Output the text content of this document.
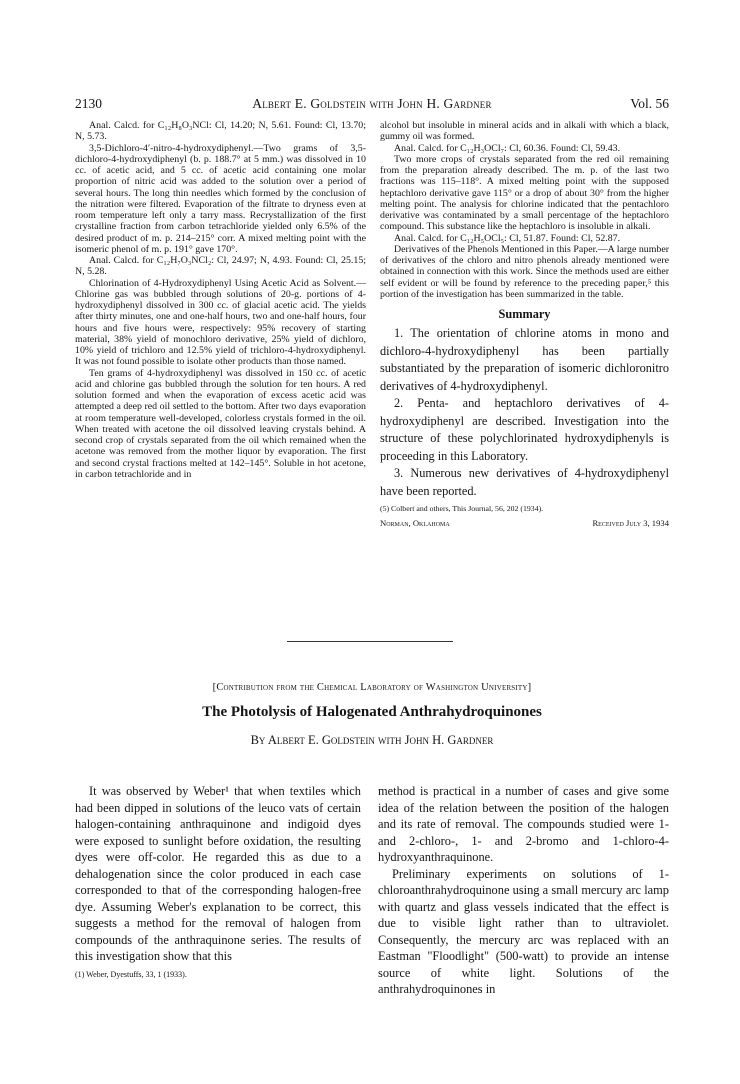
2130	Albert E. Goldstein with John H. Gardner	Vol. 56

Anal. Calcd. for C₁₂H₈O₃NCl: Cl, 14.20; N, 5.61. Found: Cl, 13.70; N, 5.73.

3,5-Dichloro-4′-nitro-4-hydroxydiphenyl.—Two grams of 3,5-dichloro-4-hydroxydiphenyl (b. p. 188.7° at 5 mm.) was dissolved in 10 cc. of acetic acid, and 5 cc. of acetic acid containing one molar proportion of nitric acid was added to the solution over a period of several hours. The long thin needles which formed by the conclusion of the nitration were filtered. Evaporation of the filtrate to dryness even at room temperature left only a tarry mass. Recrystallization of the first crystalline fraction from carbon tetrachloride yielded only 6.5% of the desired product of m. p. 214–215° corr. A mixed melting point with the isomeric phenol of m. p. 191° gave 170°.

Anal. Calcd. for C₁₂H₇O₃NCl₂: Cl, 24.97; N, 4.93. Found: Cl, 25.15; N, 5.28.

Chlorination of 4-Hydroxydiphenyl Using Acetic Acid as Solvent.—Chlorine gas was bubbled through solutions of 20-g. portions of 4-hydroxydiphenyl dissolved in 300 cc. of glacial acetic acid. The yields after thirty minutes, one and one-half hours, two and one-half hours, four hours and five hours were, respectively: 95% recovery of starting material, 38% yield of monochloro derivative, 25% yield of dichloro, 10% yield of trichloro and 12.5% yield of trichloro-4-hydroxydiphenyl. It was not found possible to isolate other products than those named.

Ten grams of 4-hydroxydiphenyl was dissolved in 150 cc. of acetic acid and chlorine gas bubbled through the solution for ten hours. A red solution formed and when the evaporation of excess acetic acid was attempted a deep red oil settled to the bottom. After two days evaporation at room temperature well-developed, colorless crystals formed in the oil. When treated with acetone the oil dissolved leaving crystals behind. A second crop of crystals separated from the oil which remained when the acetone was removed from the mother liquor by evaporation. The first and second crystal fractions melted at 142–145°. Soluble in hot acetone, in carbon tetrachloride and in

alcohol but insoluble in mineral acids and in alkali with which a black, gummy oil was formed.

Anal. Calcd. for C₁₂H₃OCl₇: Cl, 60.36. Found: Cl, 59.43.

Two more crops of crystals separated from the red oil remaining from the preparation already described. The m. p. of the last two fractions was 115–118°. A mixed melting point with the supposed heptachloro derivative gave 115° or a drop of about 30° from the higher melting point. The analysis for chlorine indicated that the pentachloro derivative was contaminated by a small percentage of the heptachloro compound. This substance like the heptachloro is insoluble in alkali.

Anal. Calcd. for C₁₂H₅OCl₅: Cl, 51.87. Found: Cl, 52.87.

Derivatives of the Phenols Mentioned in this Paper.—A large number of derivatives of the chloro and nitro phenols already mentioned were obtained in connection with this work. Since the methods used are either self evident or will be found by reference to the preceding paper,⁵ this portion of the investigation has been summarized in the table.

Summary

1. The orientation of chlorine atoms in mono and dichloro-4-hydroxydiphenyl has been partially substantiated by the preparation of isomeric dichloronitro derivatives of 4-hydroxydiphenyl.

2. Penta- and heptachloro derivatives of 4-hydroxydiphenyl are described. Investigation into the structure of these polychlorinated hydroxydiphenyls is proceeding in this Laboratory.

3. Numerous new derivatives of 4-hydroxydiphenyl have been reported.

(5) Colbert and others, This Journal, 56, 202 (1934).
Norman, Oklahoma	Received July 3, 1934
[Contribution from the Chemical Laboratory of Washington University]
The Photolysis of Halogenated Anthrahydroquinones
By Albert E. Goldstein with John H. Gardner

It was observed by Weber¹ that when textiles which had been dipped in solutions of the leuco vats of certain halogen-containing anthraquinone and indigoid dyes were exposed to sunlight before oxidation, the resulting dyes were off-color. He regarded this as due to a dehalogenation since the color produced in each case corresponded to that of the corresponding halogen-free dye. Assuming Weber's explanation to be correct, this suggests a method for the removal of halogen from compounds of the anthraquinone series. The results of this investigation show that this

(1) Weber, Dyestuffs, 33, 1 (1933).

method is practical in a number of cases and give some idea of the relation between the position of the halogen and its rate of removal. The compounds studied were 1- and 2-chloro-, 1- and 2-bromo and 1-chloro-4-hydroxyanthraquinone.

Preliminary experiments on solutions of 1-chloroanthrahydroquinone using a small mercury arc lamp with quartz and glass vessels indicated that the effect is due to visible light rather than to ultraviolet. Consequently, the mercury arc was replaced with an Eastman "Floodlight" (500-watt) to provide an intense source of white light. Solutions of the anthrahydroquinones in
